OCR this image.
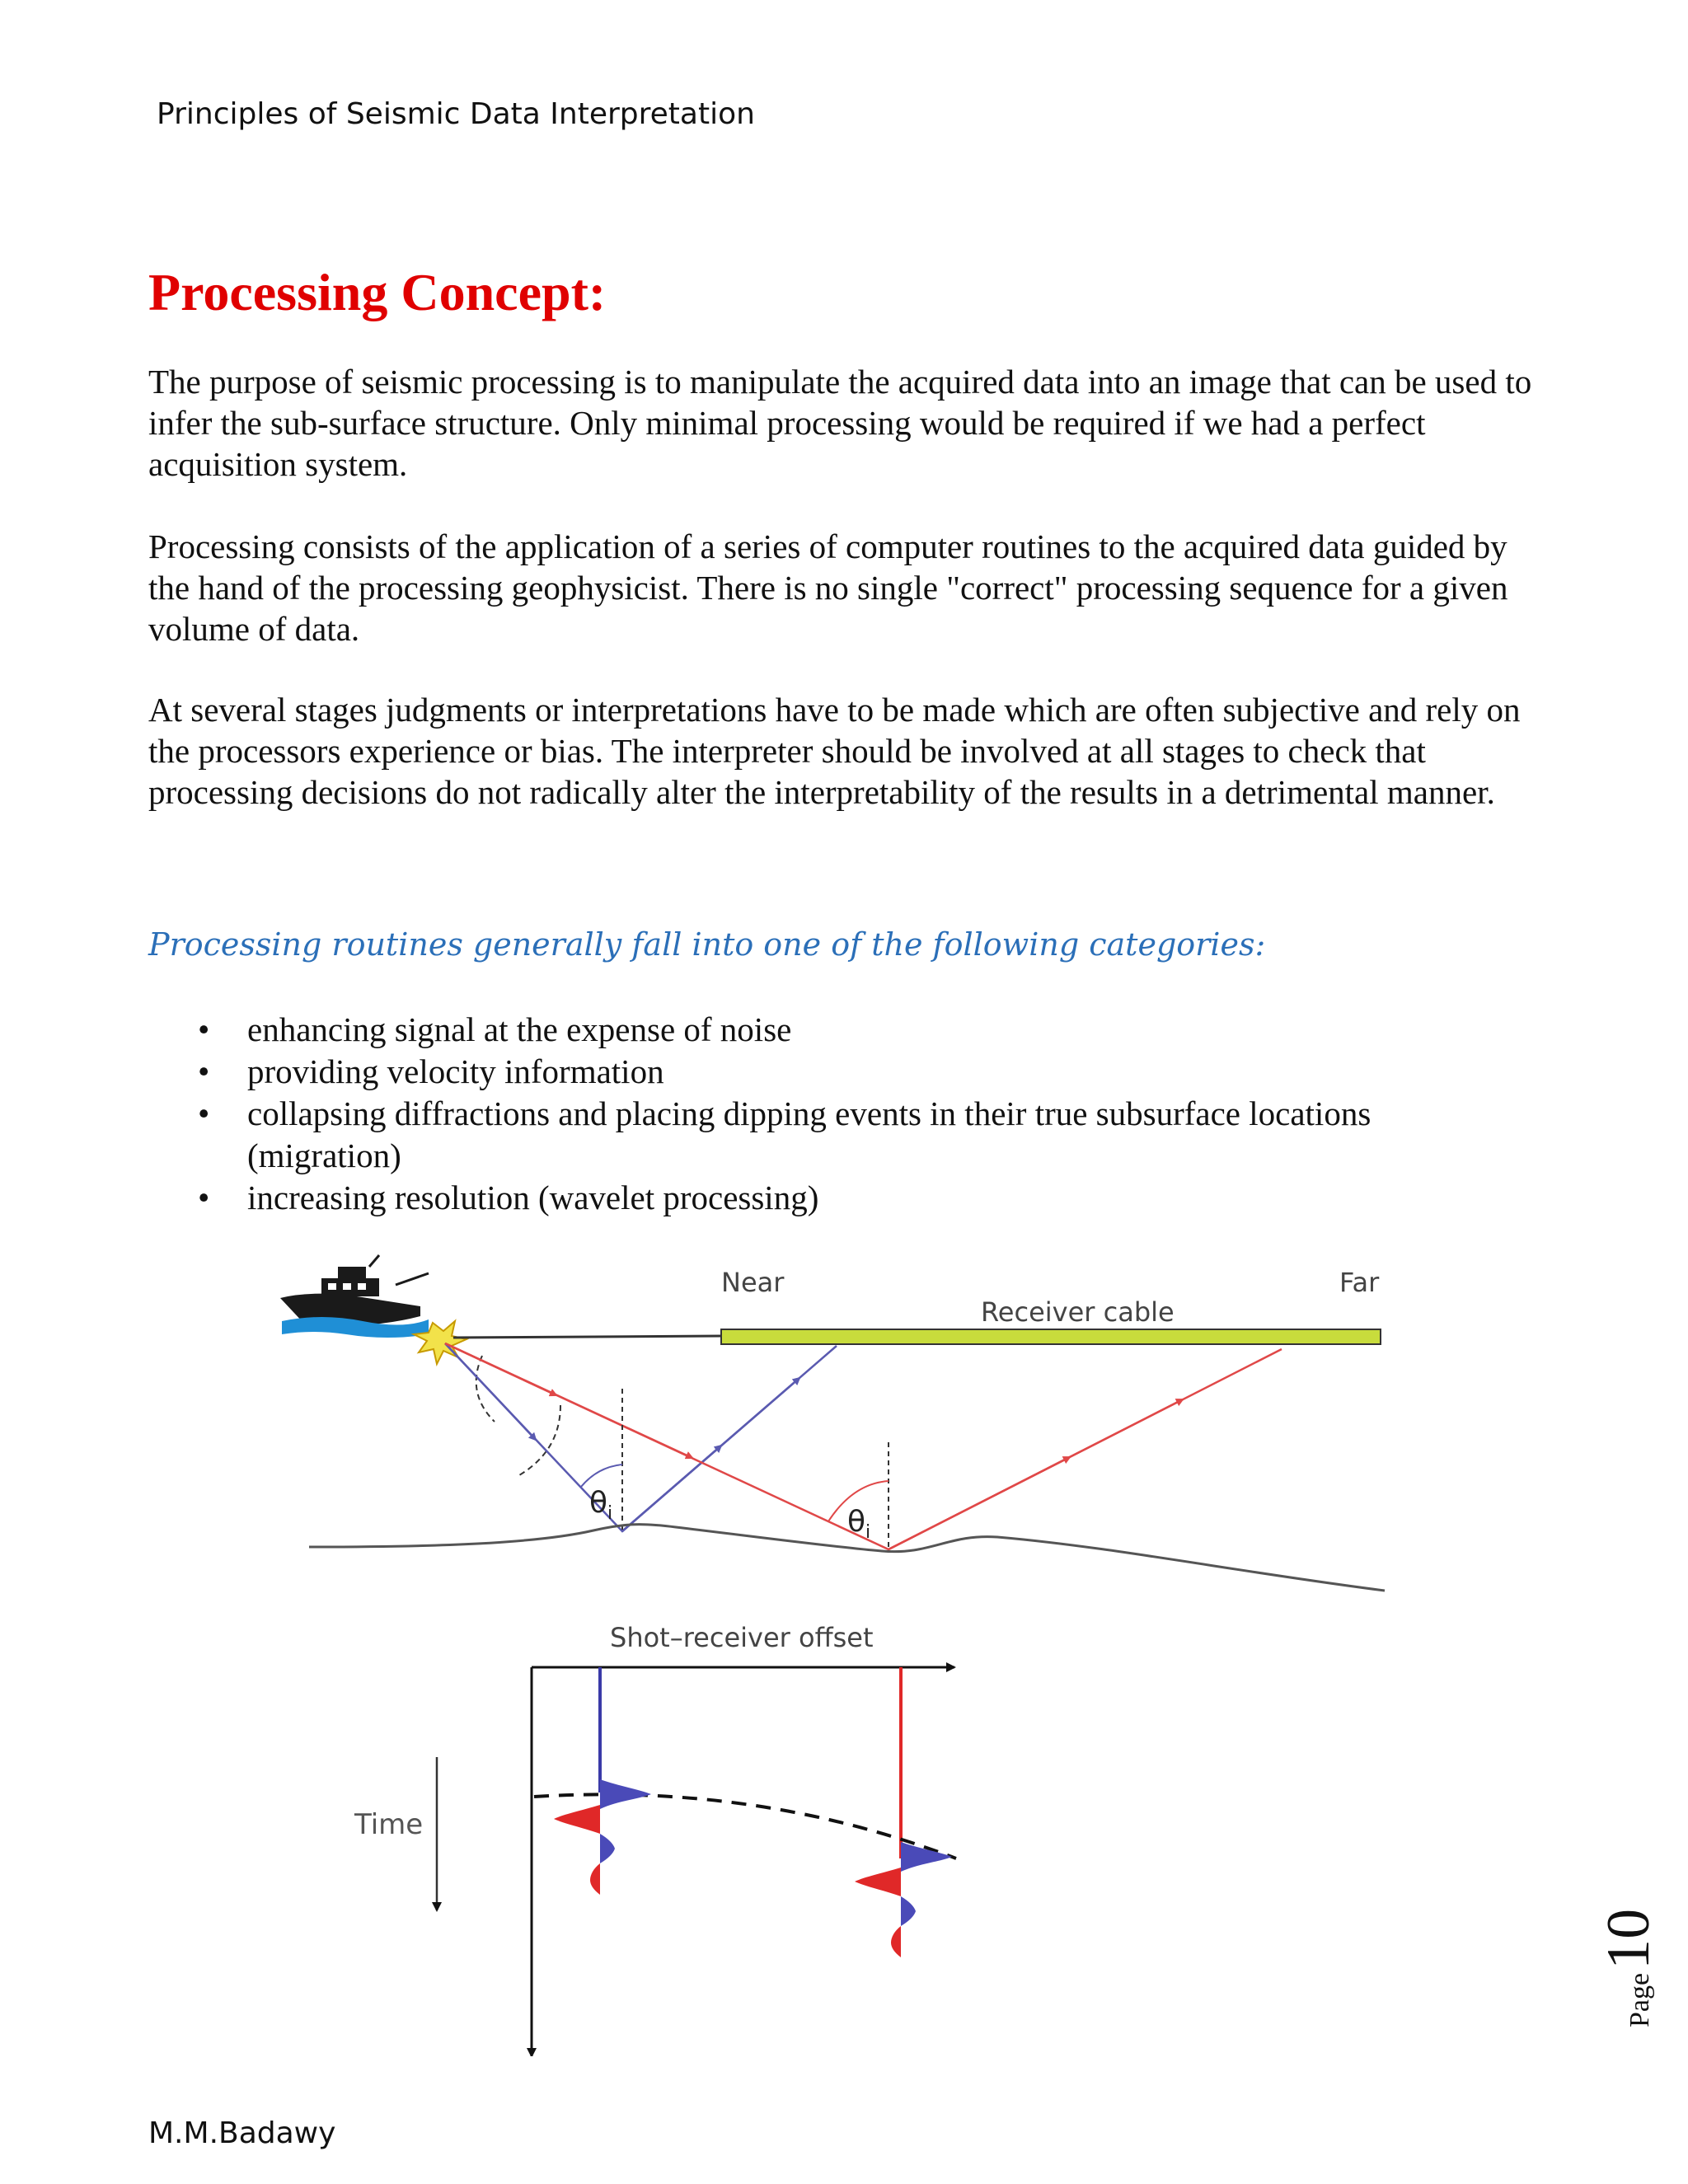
Principles of Seismic Data Interpretation
Processing Concept:

The purpose of seismic processing is to manipulate the acquired data into an image that can be used to infer the sub-surface structure. Only minimal processing would be required if we had a perfect acquisition system.

Processing consists of the application of a series of computer routines to the acquired data guided by the hand of the processing geophysicist. There is no single "correct" processing sequence for a given volume of data.

At several stages judgments or interpretations have to be made which are often subjective and rely on the processors experience or bias. The interpreter should be involved at all stages to check that processing decisions do not radically alter the interpretability of the results in a detrimental manner.

Processing routines generally fall into one of the following categories:

• enhancing signal at the expense of noise
• providing velocity information
• collapsing diffractions and placing dipping events in their true subsurface locations (migration)
• increasing resolution (wavelet processing)
Near	Far
Receiver cable
$\theta_i$	$\theta_i$
Shot–receiver offset
Time
M.M.Badawy
Page10
